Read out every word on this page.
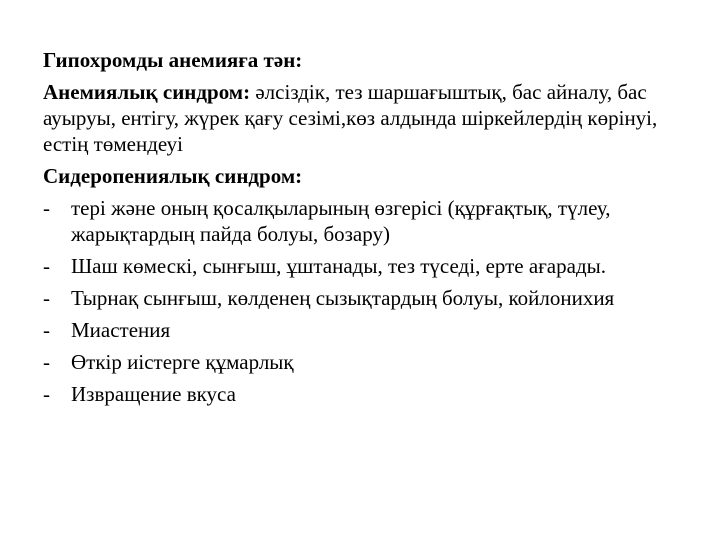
Гипохромды анемияға тән:

Анемиялық синдром: әлсіздік, тез шаршағыштық, бас айналу, бас ауыруы, ентігу, жүрек қағу сезімі,көз алдында шіркейлердің көрінуі, естің төмендеуі

Сидеропениялық синдром:

- тері және оның қосалқыларының өзгерісі (құрғақтық, түлеу, жарықтардың пайда болуы, бозару)
- Шаш көмескі, сынғыш, ұштанады, тез түседі, ерте ағарады.
- Тырнақ сынғыш, көлденең сызықтардың болуы, койлонихия
- Миастения
- Өткір иістерге құмарлық
- Извращение вкуса
